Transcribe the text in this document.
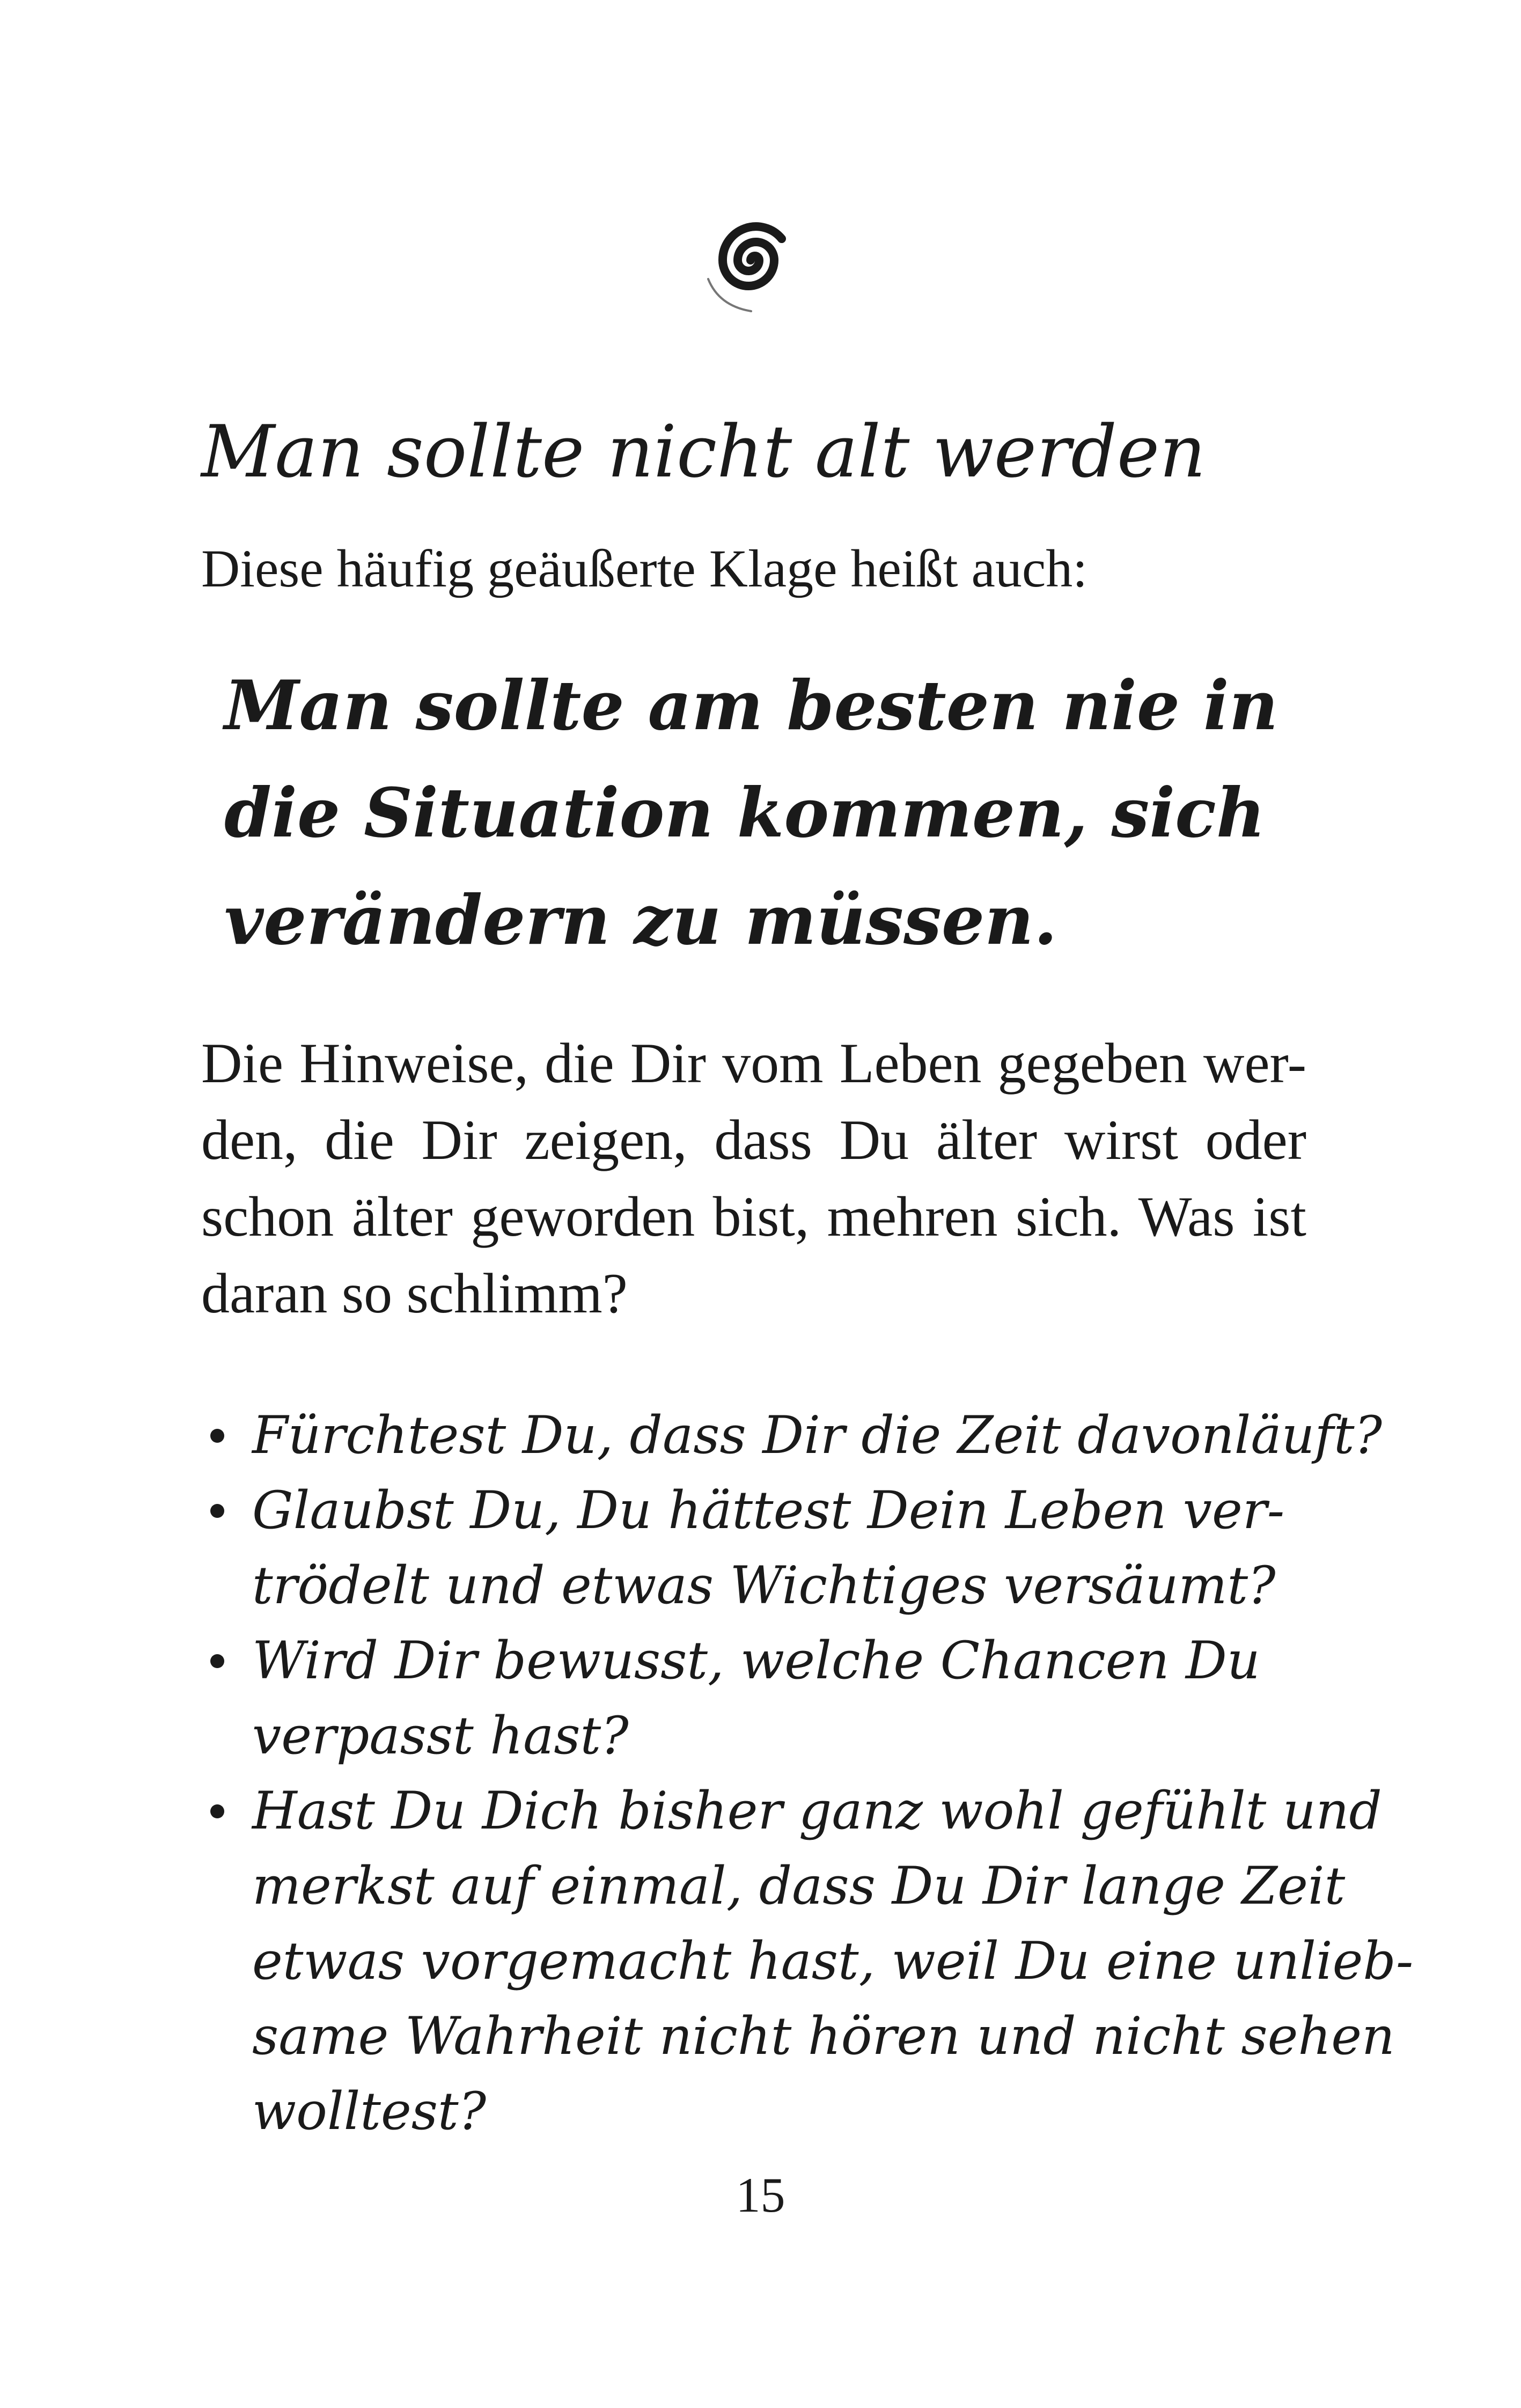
Man sollte nicht alt werden
Diese häufig geäußerte Klage heißt auch:
Man sollte am besten nie in
die Situation kommen, sich
verändern zu müssen.
Die Hinweise, die Dir vom Leben gegeben wer-
den, die Dir zeigen, dass Du älter wirst oder
schon älter geworden bist, mehren sich. Was ist
daran so schlimm?
Fürchtest Du, dass Dir die Zeit davonläuft?
Glaubst Du, Du hättest Dein Leben ver-
trödelt und etwas Wichtiges versäumt?
Wird Dir bewusst, welche Chancen Du
verpasst hast?
Hast Du Dich bisher ganz wohl gefühlt und
merkst auf einmal, dass Du Dir lange Zeit
etwas vorgemacht hast, weil Du eine unlieb-
same Wahrheit nicht hören und nicht sehen
wolltest?
15
